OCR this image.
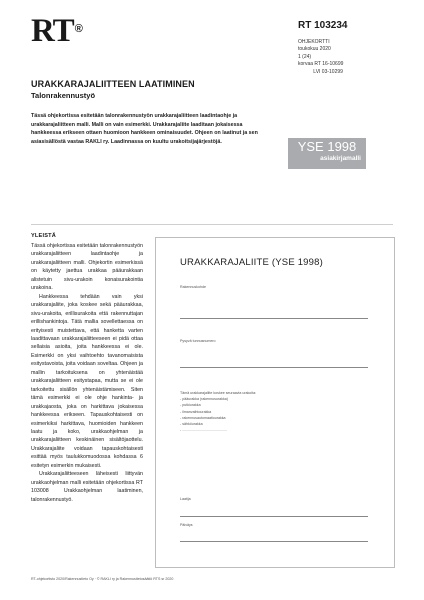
RT®	RT 103234
OHJEKORTTI
toukokuu 2020
1 (24)
korvaa RT 16-10699
LVI 03-10299
URAKKARAJALIITTEEN LAATIMINEN
Talonrakennustyö
Tässä ohjekortissa esitetään talonrakennustyön urakkarajaliitteen laadintaohje ja urakkarajaliitteen malli. Malli on vain esimerkki. Urakkarajaliite laaditaan jokaisessa hankkeessa erikseen ottaen huomioon hankkeen ominaisuudet. Ohjeen on laatinut ja sen asiasisällöstä vastaa RAKLI ry. Laadinnassa on kuultu urakoitsijajärjestöjä.	YSE 1998
asiakirjamalli
YLEISTÄ

Tässä ohjekortissa esitetään talonrakennustyön urakkarajaliitteen laadintaohje ja urakkarajaliitteen malli. Ohjekortin esimerkissä on käytetty jaettua urakkaa pääurakkaan alistetuin sivu-urakoin konaisurakointia urakoina.

Hankkeessa tehdään vain yksi urakkarajaliite, joka koskee sekä pääurakkaa, sivu-urakoita, erillisurakoita että rakennuttajan erillishankintoja. Tätä mallia sovellettaessa on erityisesti muistettava, että hanketta varten laadittavaan urakkarajaliitteeseen ei pidä ottaa sellaisia asioita, joita hankkeessa ei ole. Esimerkki on yksi vaihtoehto tavanomaisista esitystavoista, joita voidaan soveltaa. Ohjeen ja mallin tarkoituksena on yhtenäistää urakkarajaliitteen esitystapaa, mutta se ei ole tarkoitettu sisällön yhtenäistämiseen. Siten tämä esimerkki ei ole ohje hankinta- ja urakkajaosta, joka on harkittava jokaisessa hankkeessa erikseen. Tapauskohtaisesti on esimerkiksi harkittava, huomioiden hankkeen laatu ja koko, urakkaohjelman ja urakkarajaliitteen keskinäinen sisältöjaottelu. Urakkarajaliite voidaan tapauskohtaisesti esittää myös taulukkomuodossa kohdassa 6 esitetyn esimerkin mukaisesti.

Urakkarajaliitteeseen läheisesti liittyvän urakkaohjelman malli esitetään ohjekortissa RT 103008 Urakkaohjelman laatiminen, talonrakennustyö.

URAKKARAJALIITE (YSE 1998)
Rakennuskohde
Pysyvä tunnusnumero
Tämä urakkarajaliite koskee seuraavia urakoita:
- pääurakka (rakennusurakka)
- putkiurakka
- ilmanvaihtourakka
- rakennusautomaatiourakka
- sähköurakka
- .............................................
Laatija
Päiväys
RT-ohjekortisto 2020/Rakennustieto Oy · © RAKLI ry ja Rakennustietosäätiö RTS sr 2020
